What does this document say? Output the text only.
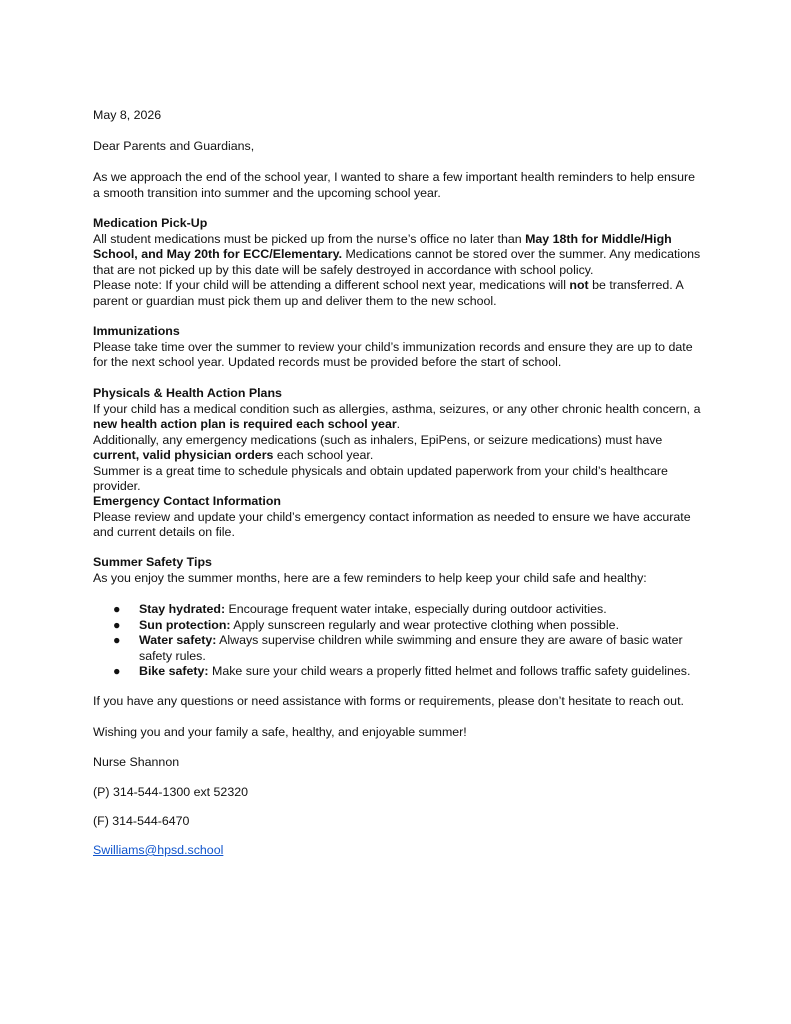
May 8, 2026

Dear Parents and Guardians,

As we approach the end of the school year, I wanted to share a few important health reminders to help ensure a smooth transition into summer and the upcoming school year.

Medication Pick-Up
All student medications must be picked up from the nurse’s office no later than May 18th for Middle/High School, and May 20th for ECC/Elementary. Medications cannot be stored over the summer. Any medications that are not picked up by this date will be safely destroyed in accordance with school policy.
Please note: If your child will be attending a different school next year, medications will not be transferred. A parent or guardian must pick them up and deliver them to the new school.
Immunizations
Please take time over the summer to review your child’s immunization records and ensure they are up to date for the next school year. Updated records must be provided before the start of school.
Physicals & Health Action Plans
If your child has a medical condition such as allergies, asthma, seizures, or any other chronic health concern, a new health action plan is required each school year.
Additionally, any emergency medications (such as inhalers, EpiPens, or seizure medications) must have current, valid physician orders each school year.
Summer is a great time to schedule physicals and obtain updated paperwork from your child’s healthcare provider.
Emergency Contact Information
Please review and update your child’s emergency contact information as needed to ensure we have accurate and current details on file.
Summer Safety Tips
As you enjoy the summer months, here are a few reminders to help keep your child safe and healthy:
● Stay hydrated: Encourage frequent water intake, especially during outdoor activities.
● Sun protection: Apply sunscreen regularly and wear protective clothing when possible.
● Water safety: Always supervise children while swimming and ensure they are aware of basic water safety rules.
● Bike safety: Make sure your child wears a properly fitted helmet and follows traffic safety guidelines.

If you have any questions or need assistance with forms or requirements, please don’t hesitate to reach out.

Wishing you and your family a safe, healthy, and enjoyable summer!

Nurse Shannon

(P) 314-544-1300 ext 52320

(F) 314-544-6470

Swilliams@hpsd.school
